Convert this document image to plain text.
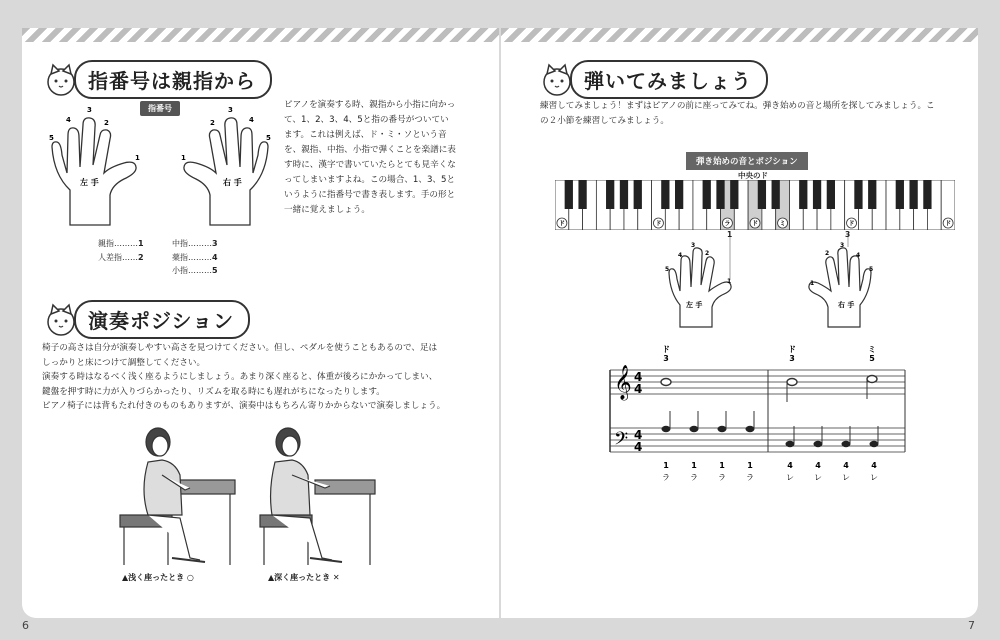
指番号は親指から
指番号
左 手	右 手
5
4
3
2
1	1
2
3
4
5
ピアノを演奏する時、親指から小指に向かって、1、2、3、4、5と指の番号がついています。これは例えば、ド・ミ・ソという音を、親指、中指、小指で弾くことを楽譜に表す時に、漢字で書いていたらとても見辛くなってしまいますよね。この場合、1、3、5というように指番号で書き表します。手の形と一緒に覚えましょう。
親指………1
人差指……2
中指………3
薬指………4
小指………5
演奏ポジション
椅子の高さは自分が演奏しやすい高さを見つけてください。但し、ペダルを使うこともあるので、足は
しっかりと床につけて調整してください。
演奏する時はなるべく浅く座るようにしましょう。あまり深く座ると、体重が後ろにかかってしまい、
鍵盤を押す時に力が入りづらかったり、リズムを取る時にも遅れがちになったりします。
ピアノ椅子には背もたれ付きのものもありますが、演奏中はもちろん寄りかからないで演奏しましょう。
▲浅く座ったとき ○	▲深く座ったとき ✕
6
弾いてみましょう
練習してみましょう！まずはピアノの前に座ってみてね。弾き始めの音と場所を探してみましょう。こ
の２小節を練習してみましょう。
弾き始めの音とポジション
中央のド
ド	ド	ラ	ド	ミ	ド	ド
左 手	右 手
5
4
3
2
1	1
2
3
4
5
1	3
𝄞
𝄢
4
4
4
4
ド
3
ド
3
ミ
5
1
ラ
1
ラ
1
ラ
1
ラ
4
レ
4
レ
4
レ
4
レ
7
